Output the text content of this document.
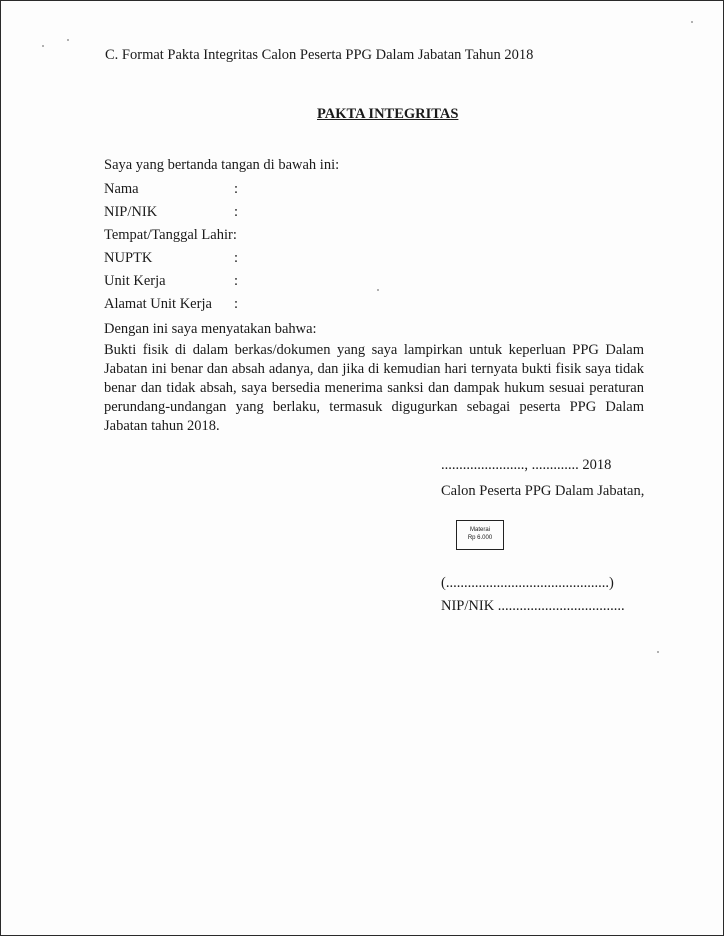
C. Format Pakta Integritas Calon Peserta PPG Dalam Jabatan Tahun 2018
PAKTA INTEGRITAS
Saya yang bertanda tangan di bawah ini:
Nama	:
NIP/NIK	:
Tempat/Tanggal Lahir:
NUPTK	:
Unit Kerja	:
Alamat Unit Kerja :
Dengan ini saya menyatakan bahwa:
Bukti fisik di dalam berkas/dokumen yang saya lampirkan untuk keperluan PPG Dalam Jabatan ini benar dan absah adanya, dan jika di kemudian hari ternyata bukti fisik saya tidak benar dan tidak absah, saya bersedia menerima sanksi dan dampak hukum sesuai peraturan perundang-undangan yang berlaku, termasuk digugurkan sebagai peserta PPG Dalam Jabatan tahun 2018.
......................., ............. 2018
Calon Peserta PPG Dalam Jabatan,
Materai
Rp 6.000
(.............................................)
NIP/NIK ...................................
